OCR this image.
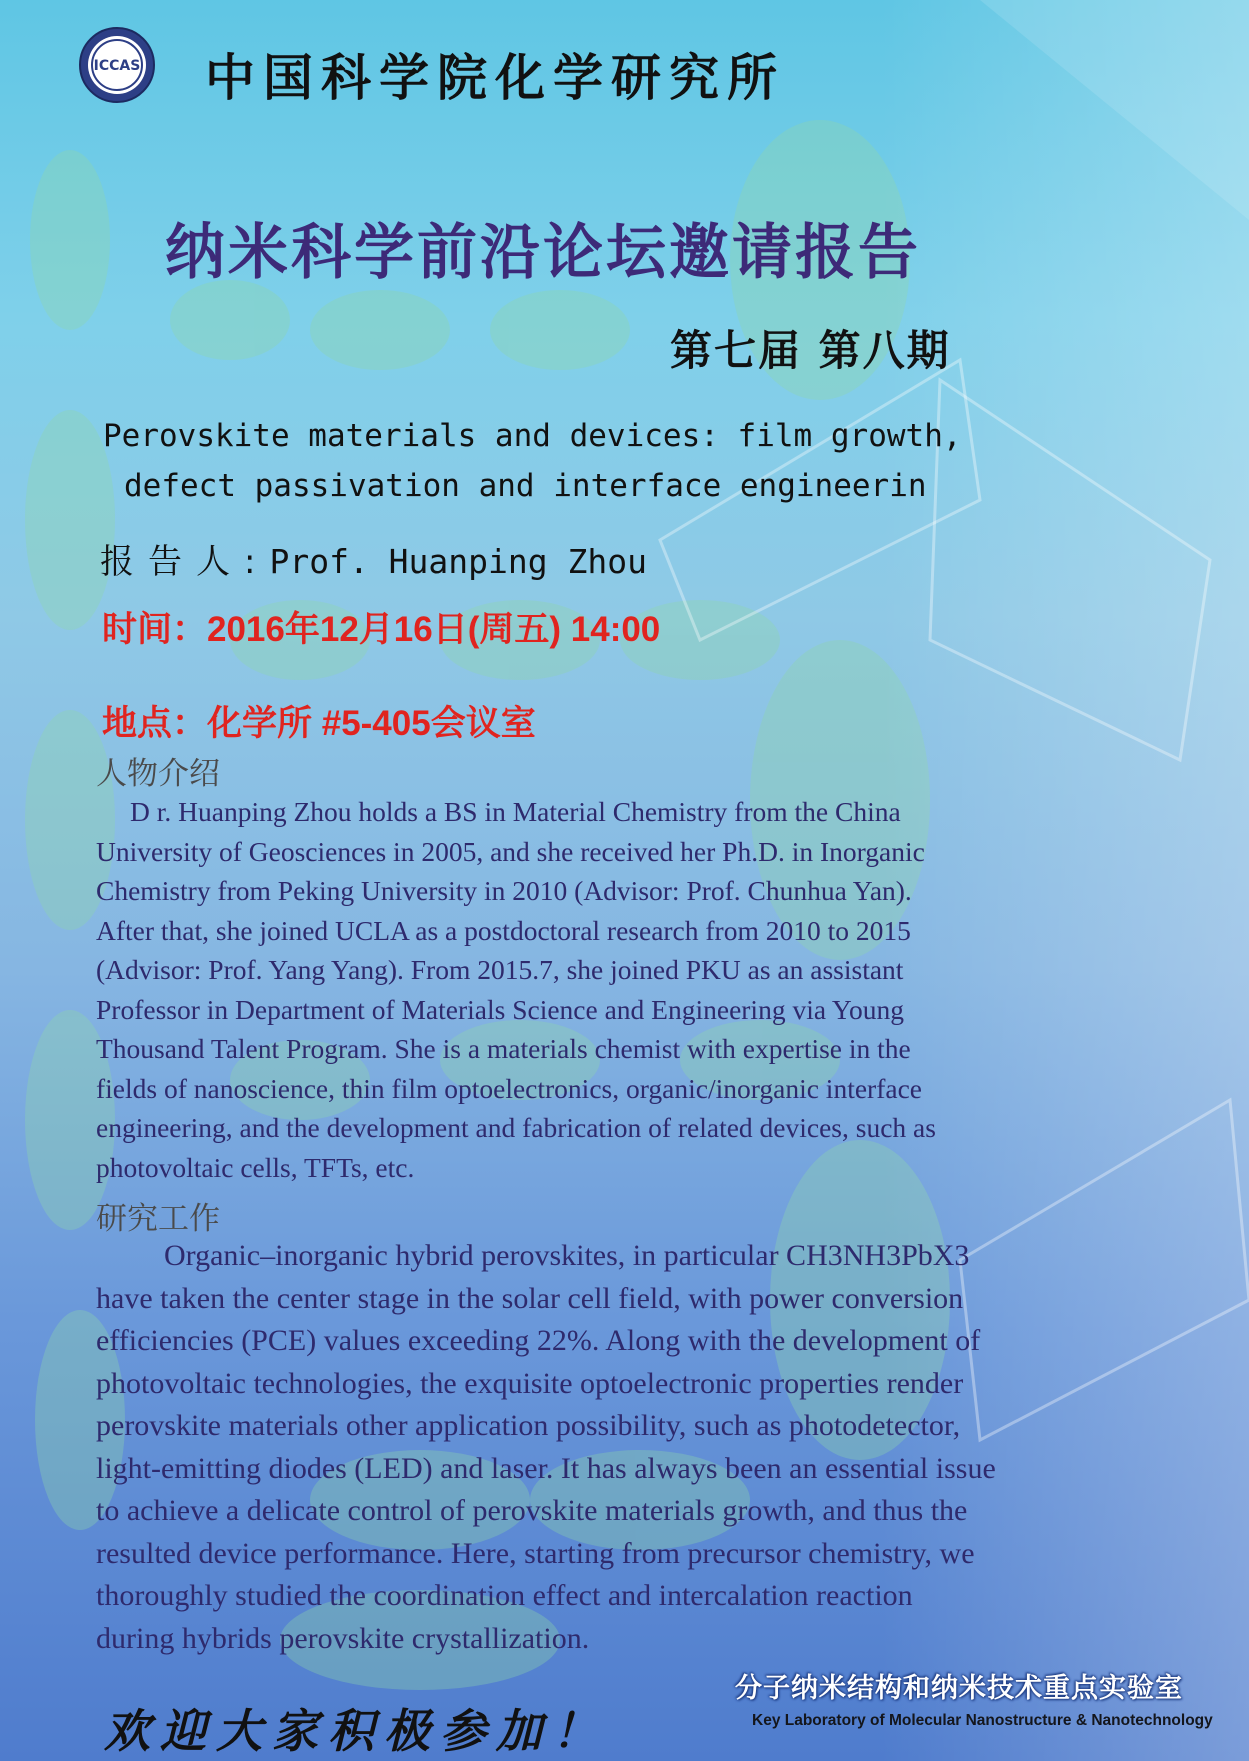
ICCAS 中国科学院化学研究所
纳米科学前沿论坛邀请报告
第七届 第八期
Perovskite materials and devices: film growth,
defect passivation and interface engineerin
报告人:Prof. Huanping Zhou
时间：2016年12月16日(周五) 14:00
地点：化学所 #5-405会议室
人物介绍
D r. Huanping Zhou holds a BS in Material Chemistry from the China
University of Geosciences in 2005, and she received her Ph.D. in Inorganic
Chemistry from Peking University in 2010 (Advisor: Prof. Chunhua Yan).
After that, she joined UCLA as a postdoctoral research from 2010 to 2015
(Advisor: Prof. Yang Yang). From 2015.7, she joined PKU as an assistant
Professor in Department of Materials Science and Engineering via Young
Thousand Talent Program. She is a materials chemist with expertise in the
fields of nanoscience, thin film optoelectronics, organic/inorganic interface
engineering, and the development and fabrication of related devices, such as
photovoltaic cells, TFTs, etc.
研究工作
Organic–inorganic hybrid perovskites, in particular CH3NH3PbX3
have taken the center stage in the solar cell field, with power conversion
efficiencies (PCE) values exceeding 22%. Along with the development of
photovoltaic technologies, the exquisite optoelectronic properties render
perovskite materials other application possibility, such as photodetector,
light-emitting diodes (LED) and laser. It has always been an essential issue
to achieve a delicate control of perovskite materials growth, and thus the
resulted device performance. Here, starting from precursor chemistry, we
thoroughly studied the coordination effect and intercalation reaction
during hybrids perovskite crystallization.
欢迎大家积极参加！
分子纳米结构和纳米技术重点实验室
Key Laboratory of Molecular Nanostructure & Nanotechnology
